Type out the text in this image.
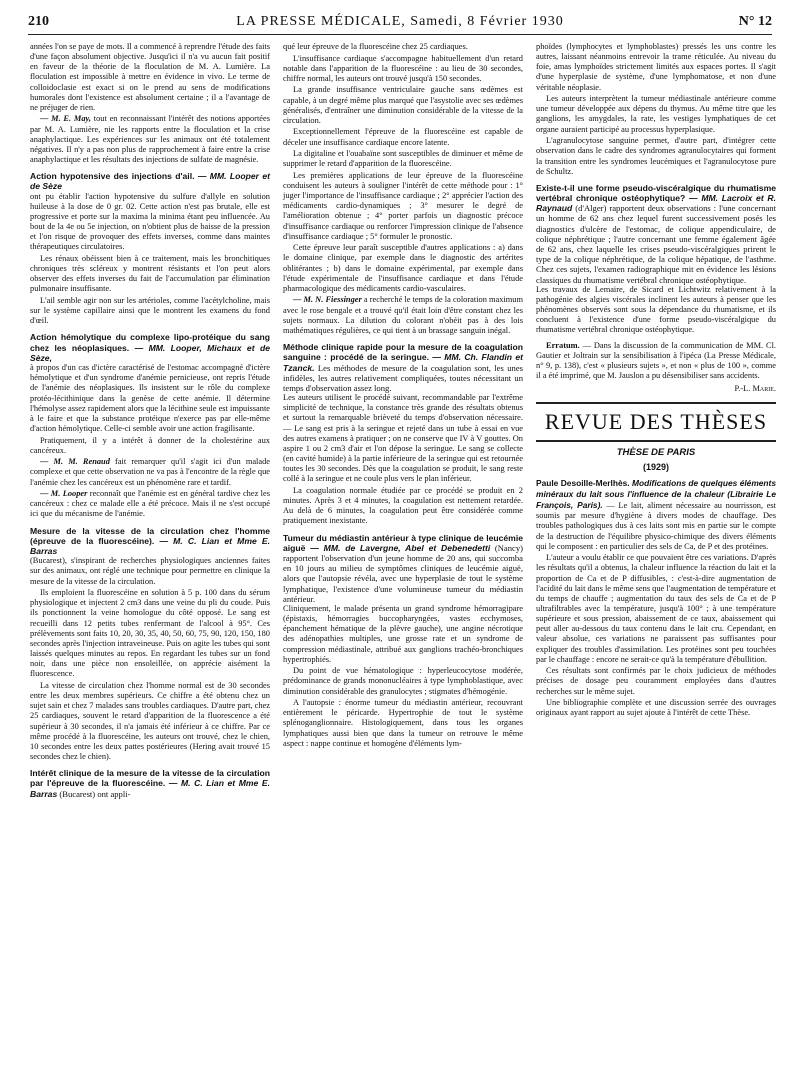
210	LA PRESSE MÉDICALE, Samedi, 8 Février 1930	N° 12

années l'on se paye de mots. Il a commencé à reprendre l'étude des faits d'une façon absolument objective. Jusqu'ici il n'a vu aucun fait positif en faveur de la théorie de la floculation de M. A. Lumière. La floculation est impossible à mettre en évidence in vivo. Le terme de colloidoclasie est exact si on le prend au sens de modifications humorales dont l'existence est absolument certaine ; il a l'avantage de ne préjuger de rien.

— M. E. May, tout en reconnaissant l'intérêt des notions apportées par M. A. Lumière, nie les rapports entre la floculation et la crise anaphylactique. Les expériences sur les animaux ont été totalement négatives. Il n'y a pas non plus de rapprochement à faire entre la crise anaphylactique et les résultats des injections de sulfate de magnésie.

Action hypotensive des injections d'ail. — MM. Looper et de Sèze

ont pu établir l'action hypotensive du sulfure d'allyle en solution huileuse à la dose de 0 gr. 02. Cette action n'est pas brutale, elle est progressive et porte sur la maxima la minima étant peu influencée. Au bout de la 4e ou 5e injection, on n'obtient plus de baisse de la pression et l'on risque de provoquer des effets inverses, comme dans maintes thérapeutiques circulatoires.

Les rénaux obéissent bien à ce traitement, mais les bronchitiques chroniques très scléreux y montrent résistants et l'on peut alors observer des effets inverses du fait de l'accumulation par élimination pulmonaire insuffisante.

L'ail semble agir non sur les artérioles, comme l'acétylcholine, mais sur le système capillaire ainsi que le montrent les examens du fond d'œil.

Action hémolytique du complexe lipo-protéique du sang chez les néoplasiques. — MM. Looper, Michaux et de Sèze,

à propos d'un cas d'ictère caractérisé de l'estomac accompagné d'ictère hémolytique et d'un syndrome d'anémie pernicieuse, ont repris l'étude de l'anémie des néoplasiques. Ils insistent sur le rôle du complexe protéo-lécithinique dans la genèse de cette anémie. Il détermine l'hémolyse assez rapidement alors que la lécithine seule est impuissante à le faire et que la substance protéique n'exerce pas par elle-même d'action hémolytique. Celle-ci semble avoir une action fragilisante.

Pratiquement, il y a intérêt à donner de la cholestérine aux cancéreux.

— M. M. Renaud fait remarquer qu'il s'agit ici d'un malade complexe et que cette observation ne va pas à l'encontre de la règle que l'anémie chez les cancéreux est un phénomène rare et tardif.

— M. Looper reconnaît que l'anémie est en général tardive chez les cancéreux : chez ce malade elle a été précoce. Mais il ne s'est occupé ici que du mécanisme de l'anémie.

Mesure de la vitesse de la circulation chez l'homme (épreuve de la fluorescéine). — M. C. Lian et Mme E. Barras

(Bucarest), s'inspirant de recherches physiologiques anciennes faites sur des animaux, ont réglé une technique pour permettre en clinique la mesure de la vitesse de la circulation.

Ils emploient la fluorescéine en solution à 5 p. 100 dans du sérum physiologique et injectent 2 cm3 dans une veine du pli du coude. Puis ils ponctionnent la veine homologue du côté opposé. Le sang est recueilli dans 12 petits tubes renfermant de l'alcool à 95°. Ces prélèvements sont faits 10, 20, 30, 35, 40, 50, 60, 75, 90, 120, 150, 180 secondes après l'injection intraveineuse. Puis on agite les tubes qui sont laissés quelques minutes au repos. En regardant les tubes sur un fond noir, dans une pièce non ensoleillée, on apprécie aisément la fluorescence.

La vitesse de circulation chez l'homme normal est de 30 secondes entre les deux membres supérieurs. Ce chiffre a été obtenu chez un sujet sain et chez 7 malades sans troubles cardiaques. D'autre part, chez 25 cardiaques, souvent le retard d'apparition de la fluorescence a été supérieur à 30 secondes, il n'a jamais été inférieur à ce chiffre. Par ce même procédé à la fluorescéine, les auteurs ont trouvé, chez le chien, 10 secondes entre les deux pattes postérieures (Hering avait trouvé 15 secondes chez le chien).

Intérêt clinique de la mesure de la vitesse de la circulation par l'épreuve de la fluorescéine. — M. C. Lian et Mme E. Barras (Bucarest) ont appli-

qué leur épreuve de la fluorescéine chez 25 cardiaques.

L'insuffisance cardiaque s'accompagne habituellement d'un retard notable dans l'apparition de la fluorescéine : au lieu de 30 secondes, chiffre normal, les auteurs ont trouvé jusqu'à 150 secondes.

La grande insuffisance ventriculaire gauche sans œdèmes est capable, à un degré même plus marqué que l'asystolie avec ses œdèmes généralisés, d'entraîner une diminution considérable de la vitesse de la circulation.

Exceptionnellement l'épreuve de la fluorescéine est capable de déceler une insuffisance cardiaque encore latente.

La digitaline et l'ouabaïne sont susceptibles de diminuer et même de supprimer le retard d'apparition de la fluorescéine.

Les premières applications de leur épreuve de la fluorescéine conduisent les auteurs à souligner l'intérêt de cette méthode pour : 1° juger l'importance de l'insuffisance cardiaque ; 2° apprécier l'action des médicaments cardio-dynamiques ; 3° mesurer le degré de l'amélioration obtenue ; 4° porter parfois un diagnostic précoce d'insuffisance cardiaque ou renforcer l'impression clinique de l'absence d'insuffisance cardiaque ; 5° formuler le pronostic.

Cette épreuve leur paraît susceptible d'autres applications : a) dans le domaine clinique, par exemple dans le diagnostic des artérites oblitérantes ; b) dans le domaine expérimental, par exemple dans l'étude expérimentale de l'insuffisance cardiaque et dans l'étude pharmacologique des médicaments cardio-vasculaires.

— M. N. Fiessinger a recherché le temps de la coloration maximum avec le rose bengale et a trouvé qu'il était loin d'être constant chez les sujets normaux. La dilution du colorant n'obéit pas à des lois mathématiques régulières, ce qui tient à un brassage sanguin inégal.

Méthode clinique rapide pour la mesure de la coagulation sanguine : procédé de la seringue. — MM. Ch. Flandin et Tzanck. Les méthodes de mesure de la coagulation sont, les unes infidèles, les autres relativement compliquées, toutes nécessitant un temps d'observation assez long.

Les auteurs utilisent le procédé suivant, recommandable par l'extrême simplicité de technique, la constance très grande des résultats obtenus et surtout la remarquable brièveté du temps d'observation nécessaire. — Le sang est pris à la seringue et rejeté dans un tube à essai en vue des autres examens à pratiquer ; on ne conserve que IV à V gouttes. On aspire 1 ou 2 cm3 d'air et l'on dépose la seringue. Le sang se collecte (en cavité humide) à la partie inférieure de la seringue qui est retournée toutes les 30 secondes. Dès que la coagulation se produit, le sang reste collé à la seringue et ne coule plus vers le plan inférieur.

La coagulation normale étudiée par ce procédé se produit en 2 minutes. Après 3 et 4 minutes, la coagulation est nettement retardée. Au delà de 6 minutes, la coagulation peut être considérée comme pratiquement inexistante.

Tumeur du médiastin antérieur à type clinique de leucémie aiguë — MM. de Lavergne, Abel et Debenedetti (Nancy) rapportent l'observation d'un jeune homme de 20 ans, qui succomba en 10 jours au milieu de symptômes cliniques de leucémie aiguë, alors que l'autopsie révéla, avec une hyperplasie de tout le système lymphatique, l'existence d'une volumineuse tumeur du médiastin antérieur.

Cliniquement, le malade présenta un grand syndrome hémorragipare (épistaxis, hémorragies buccopharyngées, vastes ecchymoses, épanchement hématique de la plèvre gauche), une angine nécrotique des adénopathies multiples, une grosse rate et un syndrome de compression médiastinale, attribué aux ganglions trachéo-bronchiques hypertrophiés.

Du point de vue hématologique : hyperleucocytose modérée, prédominance de grands mononucléaires à type lymphoblastique, avec diminution considérable des granulocytes ; stigmates d'hémogénie.

A l'autopsie : énorme tumeur du médiastin antérieur, recouvrant entièrement le péricarde. Hypertrophie de tout le système splénoganglionnaire. Histologiquement, dans tous les organes lymphatiques aussi bien que dans la tumeur on retrouve le même aspect : nappe continue et homogène d'éléments lym-

phoïdes (lymphocytes et lymphoblastes) pressés les uns contre les autres, laissant néanmoins entrevoir la trame réticulée. Au niveau du foie, amas lymphoïdes strictement limités aux espaces portes. Il s'agit d'une hyperplasie de système, d'une lymphomatose, et non d'une véritable néoplasie.

Les auteurs interprètent la tumeur médiastinale antérieure comme une tumeur développée aux dépens du thymus. Au même titre que les ganglions, les amygdales, la rate, les vestiges lymphatiques de cet organe auraient participé au processus hyperplasique.

L'agranulocytose sanguine permet, d'autre part, d'intégrer cette observation dans le cadre des syndromes agranulocytaires qui forment la transition entre les syndromes leucémiques et l'agranulocytose pure de Schultz.

Existe-t-il une forme pseudo-viscéralgique du rhumatisme vertébral chronique ostéophytique? — MM. Lacroix et R. Raynaud (d'Alger) rapportent deux observations : l'une concernant un homme de 62 ans chez lequel furent successivement posés les diagnostics d'ulcère de l'estomac, de colique appendiculaire, de colique néphrétique ; l'autre concernant une femme également âgée de 62 ans, chez laquelle les crises pseudo-viscéralgiques prirent le type de la colique néphrétique, de la colique hépatique, de l'asthme. Chez ces sujets, l'examen radiographique mit en évidence les lésions classiques du rhumatisme vertébral chronique ostéophytique.

Les travaux de Lemaire, de Sicard et Lichtwitz relativement à la pathogénie des algies viscérales inclinent les auteurs à penser que les phénomènes observés sont sous la dépendance du rhumatisme, et ils concluent à l'existence d'une forme pseudo-viscéralgique du rhumatisme vertébral chronique ostéophytique.

Erratum. — Dans la discussion de la communication de MM. Cl. Gautier et Joltrain sur la sensibilisation à l'ipéca (La Presse Médicale, n° 9, p. 138), c'est « plusieurs sujets », et non « plus de 100 », comme il a été imprimé, que M. Jauslon a pu désensibiliser sans accidents.

P.-L. Marie.
REVUE DES THÈSES
THÈSE DE PARIS
(1929)

Paule Desoille-Merlhès. Modifications de quelques éléments minéraux du lait sous l'influence de la chaleur (Librairie Le François, Paris). — Le lait, aliment nécessaire au nourrisson, est soumis par mesure d'hygiène à divers modes de chauffage. Des troubles pathologiques dus à ces laits sont mis en partie sur le compte de la destruction de l'équilibre physico-chimique des divers éléments qui le composent : en particulier des sels de Ca, de P et des protéines.

L'auteur a voulu établir ce que pouvaient être ces variations. D'après les résultats qu'il a obtenus, la chaleur influence la réaction du lait et la proportion de Ca et de P diffusibles, : c'est-à-dire augmentation de l'acidité du lait dans le même sens que l'augmentation de température et du temps de chauffe ; augmentation du taux des sels de Ca et de P ultrafiltrables avec la température, jusqu'à 100° ; à une température supérieure et sous pression, abaissement de ce taux, abaissement qui peut aller au-dessous du taux contenu dans le lait cru. Cependant, en valeur absolue, ces variations ne paraissent pas suffisantes pour expliquer des troubles d'assimilation. Les protéines sont peu touchées par le chauffage : encore ne serait-ce qu'à la température d'ébullition.

Ces résultats sont confirmés par le choix judicieux de méthodes précises de dosage peu couramment employées dans d'autres recherches sur le même sujet.

Une bibliographie complète et une discussion serrée des ouvrages originaux ayant rapport au sujet ajoute à l'intérêt de cette Thèse.
